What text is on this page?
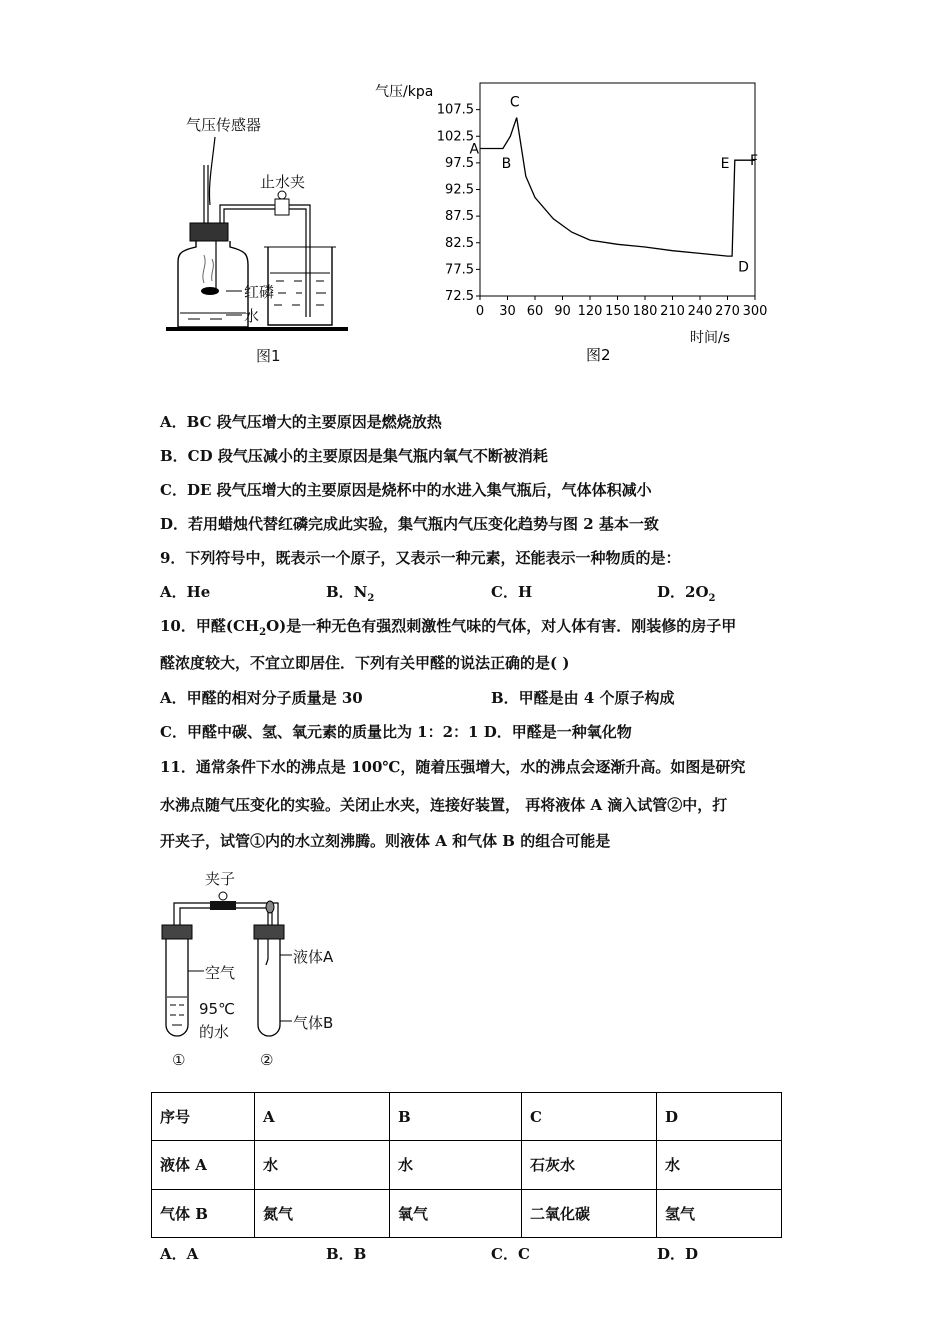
气压传感器
止水夹
红磷
水
图1
107.5
102.5
97.5
92.5
87.5
82.5
77.5
72.5
0 30 60 90 120 150 180 210 240 270 300
气压/kpa
时间/s
图2
A
B
C
E
D
F
A．BC 段气压增大的主要原因是燃烧放热
B．CD 段气压减小的主要原因是集气瓶内氧气不断被消耗
C．DE 段气压增大的主要原因是烧杯中的水进入集气瓶后，气体体积减小
D．若用蜡烛代替红磷完成此实验，集气瓶内气压变化趋势与图 2 基本一致
9．下列符号中，既表示一个原子，又表示一种元素，还能表示一种物质的是：
A．He	B．$N_2$	C．H	D．$2O_2$
10．甲醛$(CH_2O)$是一种无色有强烈刺激性气味的气体，对人体有害．刚装修的房子甲
醛浓度较大，不宜立即居住．下列有关甲醛的说法正确的是( )
A．甲醛的相对分子质量是 30	B．甲醛是由 4 个原子构成
C．甲醛中碳、氢、氧元素的质量比为 1：2：1 D．甲醛是一种氧化物
11．通常条件下水的沸点是 100℃，随着压强增大，水的沸点会逐渐升高。如图是研究
水沸点随气压变化的实验。关闭止水夹，连接好装置， 再将液体 A 滴入试管②中，打
开夹子，试管①内的水立刻沸腾。则液体 A 和气体 B 的组合可能是
夹子
空气
95℃
的水
液体A
气体B
①	②
序号	A	B	C	D
液体 A	水	水	石灰水	水
气体 B	氮气	氧气	二氧化碳	氢气
A．A	B．B	C．C	D．D
